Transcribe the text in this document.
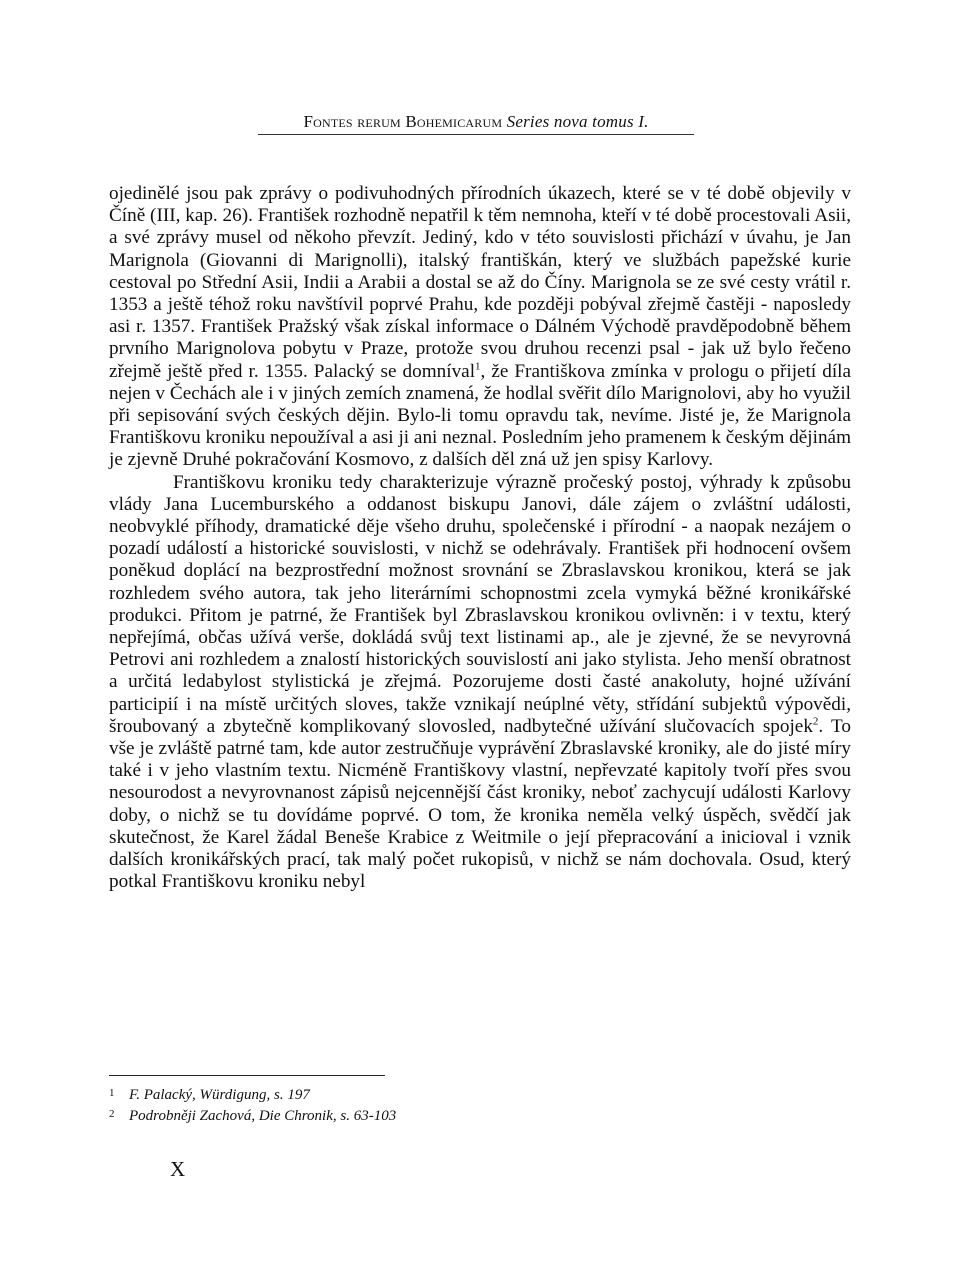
Fontes rerum Bohemicarum Series nova tomus I.

ojedinělé jsou pak zprávy o podivuhodných přírodních úkazech, které se v té době objevily v Číně (III, kap. 26). František rozhodně nepatřil k těm nemnoha, kteří v té době procestovali Asii, a své zprávy musel od někoho převzít. Jediný, kdo v této souvislosti přichází v úvahu, je Jan Marignola (Giovanni di Marignolli), italský františkán, který ve službách papežské kurie cestoval po Střední Asii, Indii a Arabii a dostal se až do Číny. Marignola se ze své cesty vrátil r. 1353 a ještě téhož roku navštívil poprvé Prahu, kde později pobýval zřejmě častěji - naposledy asi r. 1357. František Pražský však získal informace o Dálném Východě pravděpodobně během prvního Marignolova pobytu v Praze, protože svou druhou recenzi psal - jak už bylo řečeno zřejmě ještě před r. 1355. Palacký se domníval$^1$, že Františkova zmínka v prologu o přijetí díla nejen v Čechách ale i v jiných zemích znamená, že hodlal svěřit dílo Marignolovi, aby ho využil při sepisování svých českých dějin. Bylo-li tomu opravdu tak, nevíme. Jisté je, že Marignola Františkovu kroniku nepoužíval a asi ji ani neznal. Posledním jeho pramenem k českým dějinám je zjevně Druhé pokračování Kosmovo, z dalších děl zná už jen spisy Karlovy.

Františkovu kroniku tedy charakterizuje výrazně pročeský postoj, výhrady k způsobu vlády Jana Lucemburského a oddanost biskupu Janovi, dále zájem o zvláštní události, neobvyklé příhody, dramatické děje všeho druhu, společenské i přírodní - a naopak nezájem o pozadí událostí a historické souvislosti, v nichž se odehrávaly. František při hodnocení ovšem poněkud doplácí na bezprostřední možnost srovnání se Zbraslavskou kronikou, která se jak rozhledem svého autora, tak jeho literárními schopnostmi zcela vymyká běžné kronikářské produkci. Přitom je patrné, že František byl Zbraslavskou kronikou ovlivněn: i v textu, který nepřejímá, občas užívá verše, dokládá svůj text listinami ap., ale je zjevné, že se nevyrovná Petrovi ani rozhledem a znalostí historických souvislostí ani jako stylista. Jeho menší obratnost a určitá ledabylost stylistická je zřejmá. Pozorujeme dosti časté anakoluty, hojné užívání participií i na místě určitých sloves, takže vznikají neúplné věty, střídání subjektů výpovědi, šroubovaný a zbytečně komplikovaný slovosled, nadbytečné užívání slučovacích spojek$^2$. To vše je zvláště patrné tam, kde autor zestručňuje vyprávění Zbraslavské kroniky, ale do jisté míry také i v jeho vlastním textu. Nicméně Františkovy vlastní, nepřevzaté kapitoly tvoří přes svou nesourodost a nevyrovnanost zápisů nejcennější část kroniky, neboť zachycují události Karlovy doby, o nichž se tu dovídáme poprvé. O tom, že kronika neměla velký úspěch, svědčí jak skutečnost, že Karel žádal Beneše Krabice z Weitmile o její přepracování a inicioval i vznik dalších kronikářských prací, tak malý počet rukopisů, v nichž se nám dochovala. Osud, který potkal Františkovu kroniku nebyl

1 F. Palacký, Würdigung, s. 197
2 Podrobněji Zachová, Die Chronik, s. 63-103
X
